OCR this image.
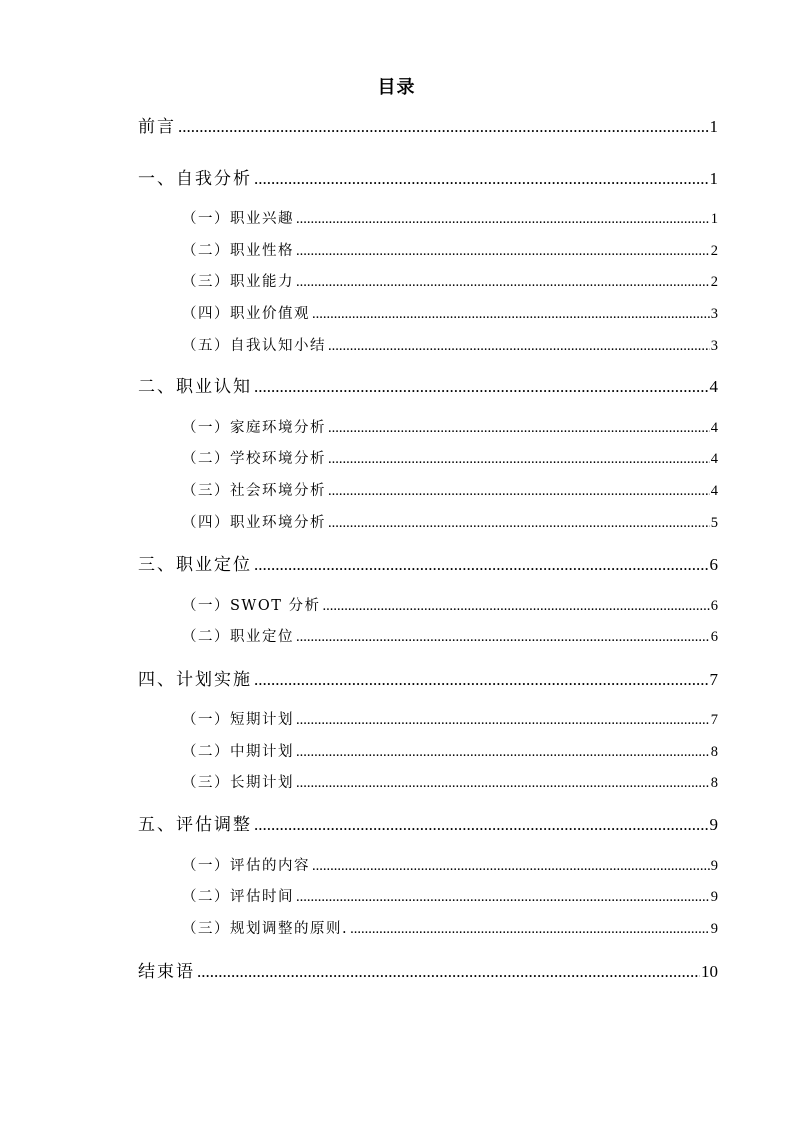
目录
前言 .....	1
一、自我分析 .....	1
（一）职业兴趣 .....	1
（二）职业性格 .....	2
（三）职业能力 .....	2
（四）职业价值观 .....	3
（五）自我认知小结 .....	3
二、职业认知 .....	4
（一）家庭环境分析 .....	4
（二）学校环境分析 .....	4
（三）社会环境分析 .....	4
（四）职业环境分析 .....	5
三、职业定位 .....	6
（一）SWOT 分析 .....	6
（二）职业定位 .....	6
四、计划实施 .....	7
（一）短期计划 .....	7
（二）中期计划 .....	8
（三）长期计划 .....	8
五、评估调整 .....	9
（一）评估的内容 .....	9
（二）评估时间 .....	9
（三）规划调整的原则. .....	9
结束语 .....	10
